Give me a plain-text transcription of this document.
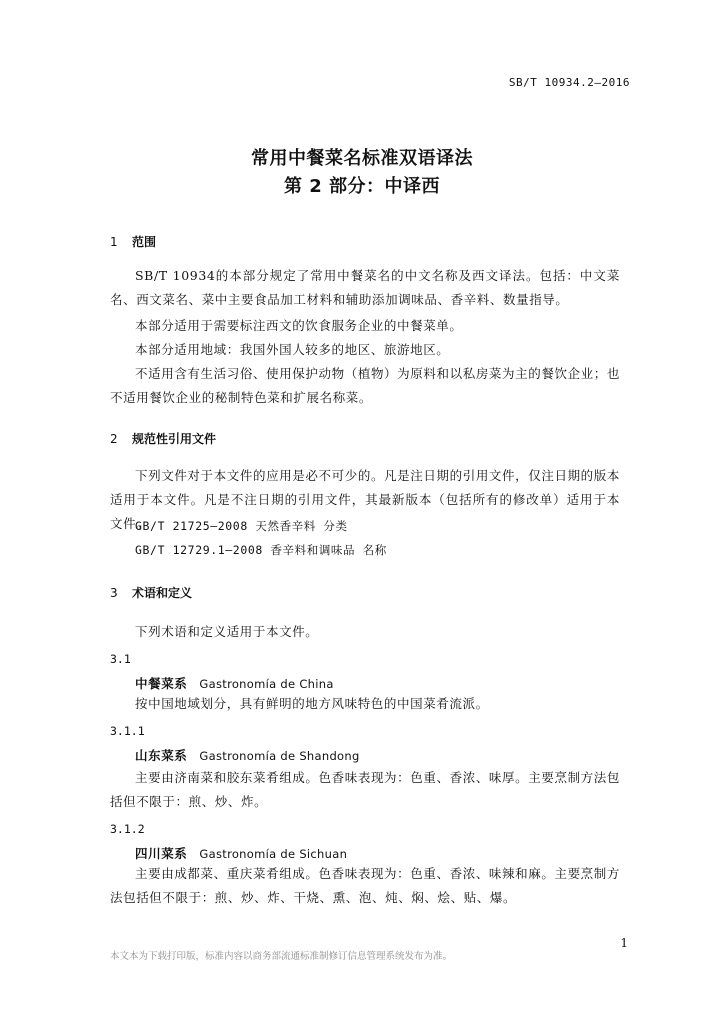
SB/T 10934.2—2016
常用中餐菜名标准双语译法
第 2 部分：中译西
1 范围
SB/T 10934的本部分规定了常用中餐菜名的中文名称及西文译法。包括：中文菜名、西文菜名、菜中主要食品加工材料和辅助添加调味品、香辛料、数量指导。
本部分适用于需要标注西文的饮食服务企业的中餐菜单。
本部分适用地域：我国外国人较多的地区、旅游地区。
不适用含有生活习俗、使用保护动物（植物）为原料和以私房菜为主的餐饮企业；也不适用餐饮企业的秘制特色菜和扩展名称菜。
2 规范性引用文件
下列文件对于本文件的应用是必不可少的。凡是注日期的引用文件，仅注日期的版本适用于本文件。凡是不注日期的引用文件，其最新版本（包括所有的修改单）适用于本文件。
GB/T 21725—2008 天然香辛料 分类
GB/T 12729.1—2008 香辛料和调味品 名称
3 术语和定义
下列术语和定义适用于本文件。
3.1
中餐菜系 Gastronomía de China
按中国地域划分，具有鲜明的地方风味特色的中国菜肴流派。
3.1.1
山东菜系 Gastronomía de Shandong
主要由济南菜和胶东菜肴组成。色香味表现为：色重、香浓、味厚。主要烹制方法包括但不限于：煎、炒、炸。
3.1.2
四川菜系 Gastronomía de Sichuan
主要由成都菜、重庆菜肴组成。色香味表现为：色重、香浓、味辣和麻。主要烹制方法包括但不限于：煎、炒、炸、干烧、熏、泡、炖、焖、烩、贴、爆。
1
本文本为下载打印版，标准内容以商务部流通标准制修订信息管理系统发布为准。
